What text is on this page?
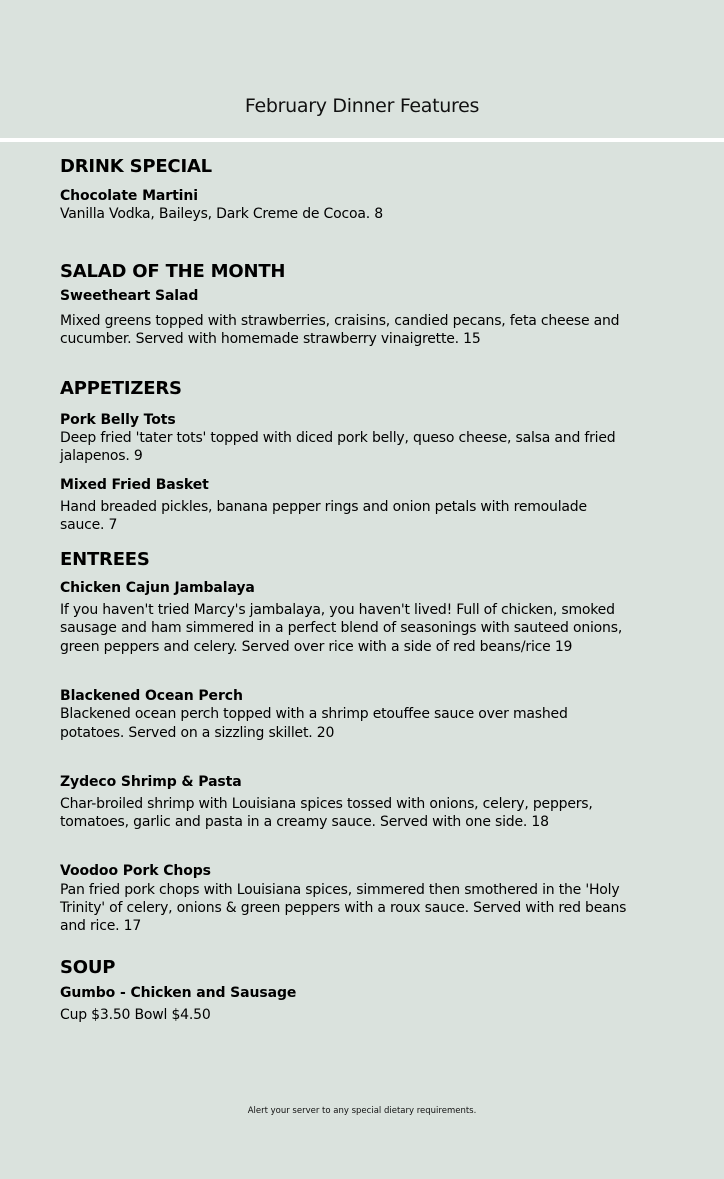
February Dinner Features
DRINK SPECIAL
Chocolate Martini
Vanilla Vodka, Baileys, Dark Creme de Cocoa. 8
SALAD OF THE MONTH
Sweetheart Salad
Mixed greens topped with strawberries, craisins, candied pecans, feta cheese and
cucumber. Served with homemade strawberry vinaigrette. 15
APPETIZERS
Pork Belly Tots
Deep fried 'tater tots' topped with diced pork belly, queso cheese, salsa and fried
jalapenos. 9
Mixed Fried Basket
Hand breaded pickles, banana pepper rings and onion petals with remoulade
sauce. 7
ENTREES
Chicken Cajun Jambalaya
If you haven't tried Marcy's jambalaya, you haven't lived! Full of chicken, smoked
sausage and ham simmered in a perfect blend of seasonings with sauteed onions,
green peppers and celery. Served over rice with a side of red beans/rice 19
Blackened Ocean Perch
Blackened ocean perch topped with a shrimp etouffee sauce over mashed
potatoes. Served on a sizzling skillet. 20
Zydeco Shrimp & Pasta
Char-broiled shrimp with Louisiana spices tossed with onions, celery, peppers,
tomatoes, garlic and pasta in a creamy sauce. Served with one side. 18
Voodoo Pork Chops
Pan fried pork chops with Louisiana spices, simmered then smothered in the 'Holy
Trinity' of celery, onions & green peppers with a roux sauce. Served with red beans
and rice. 17
SOUP
Gumbo - Chicken and Sausage
Cup $3.50 Bowl $4.50
Alert your server to any special dietary requirements.
